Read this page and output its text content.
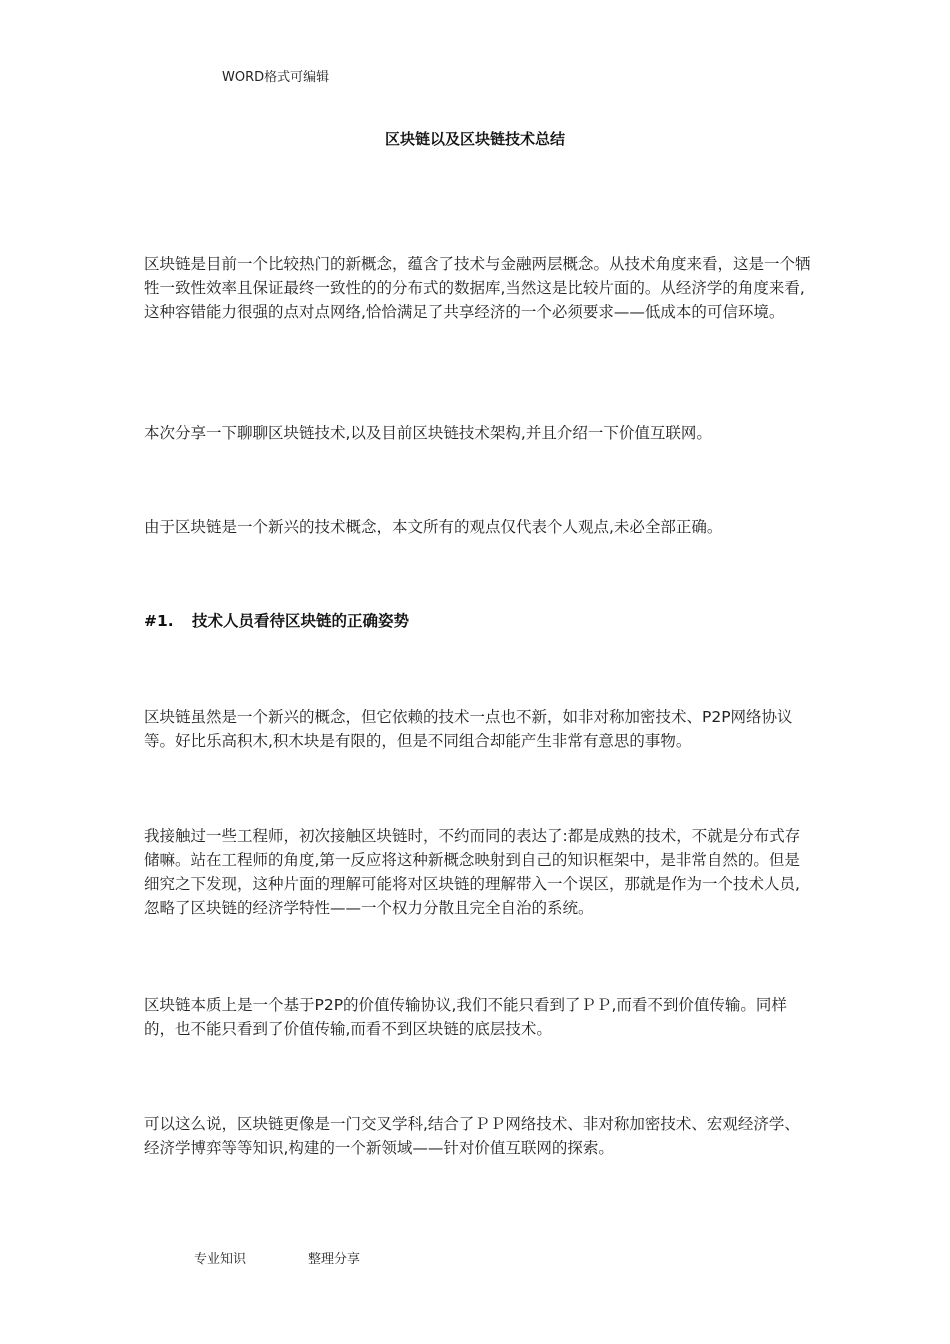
WORD格式可编辑
区块链以及区块链技术总结

区块链是目前一个比较热门的新概念，蕴含了技术与金融两层概念。从技术角度来看，这是一个牺牲一致性效率且保证最终一致性的的分布式的数据库,当然这是比较片面的。从经济学的角度来看,这种容错能力很强的点对点网络,恰恰满足了共享经济的一个必须要求——低成本的可信环境。

本次分享一下聊聊区块链技术,以及目前区块链技术架构,并且介绍一下价值互联网。

由于区块链是一个新兴的技术概念，本文所有的观点仅代表个人观点,未必全部正确。

#1. 技术人员看待区块链的正确姿势

区块链虽然是一个新兴的概念，但它依赖的技术一点也不新，如非对称加密技术、P2P网络协议等。好比乐高积木,积木块是有限的，但是不同组合却能产生非常有意思的事物。

我接触过一些工程师，初次接触区块链时，不约而同的表达了:都是成熟的技术，不就是分布式存储嘛。站在工程师的角度,第一反应将这种新概念映射到自己的知识框架中，是非常自然的。但是细究之下发现，这种片面的理解可能将对区块链的理解带入一个误区，那就是作为一个技术人员,忽略了区块链的经济学特性——一个权力分散且完全自治的系统。

区块链本质上是一个基于P2P的价值传输协议,我们不能只看到了ＰＰ,而看不到价值传输。同样的，也不能只看到了价值传输,而看不到区块链的底层技术。

可以这么说，区块链更像是一门交叉学科,结合了ＰＰ网络技术、非对称加密技术、宏观经济学、经济学博弈等等知识,构建的一个新领域——针对价值互联网的探索。

专业知识	整理分享
